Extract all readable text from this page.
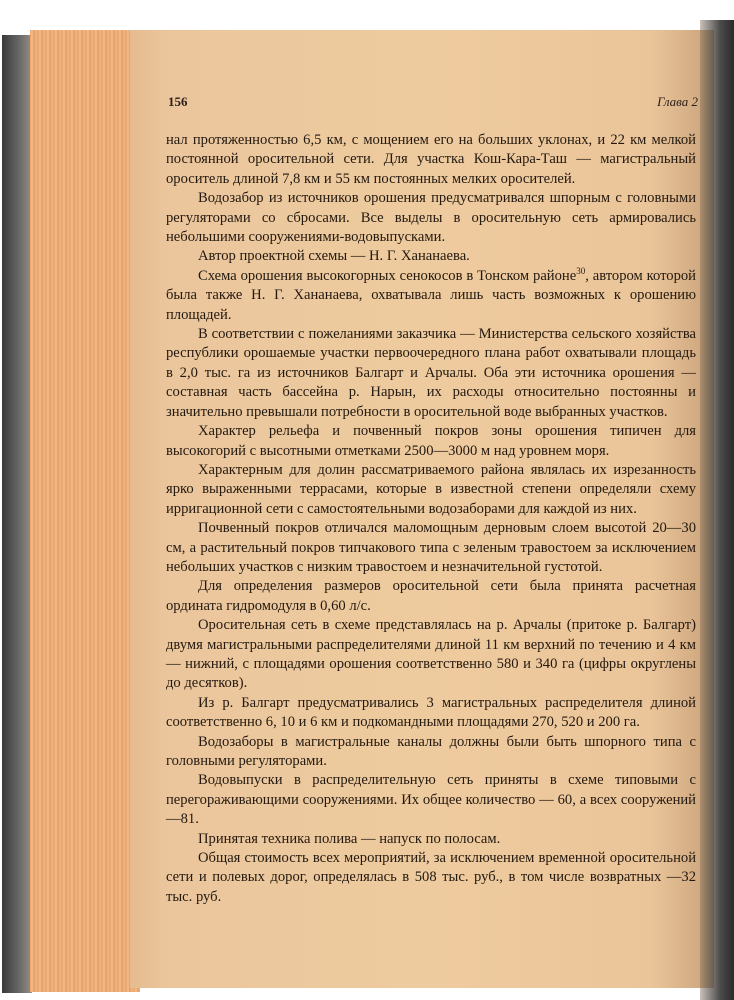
156	Глава 2

нал протяженностью 6,5 км, с мощением его на больших уклонах, и 22 км мелкой постоянной оросительной сети. Для участка Кош-Кара-Таш — магистральный ороситель длиной 7,8 км и 55 км постоянных мелких оросителей.

Водозабор из источников орошения предусматривался шпорным с головными регуляторами со сбросами. Все выделы в оросительную сеть армировались небольшими сооружениями-водовыпусками.

Автор проектной схемы — Н. Г. Хананаева.

Схема орошения высокогорных сенокосов в Тонском районе$^{30}$, автором которой была также Н. Г. Хананаева, охватывала лишь часть возможных к орошению площадей.

В соответствии с пожеланиями заказчика — Министерства сельского хозяйства республики орошаемые участки первоочередного плана работ охватывали площадь в 2,0 тыс. га из источников Балгарт и Арчалы. Оба эти источника орошения — составная часть бассейна р. Нарын, их расходы относительно постоянны и значительно превышали потребности в оросительной воде выбранных участков.

Характер рельефа и почвенный покров зоны орошения типичен для высокогорий с высотными отметками 2500—3000 м над уровнем моря.

Характерным для долин рассматриваемого района являлась их изрезанность ярко выраженными террасами, которые в известной степени определяли схему ирригационной сети с самостоятельными водозаборами для каждой из них.

Почвенный покров отличался маломощным дерновым слоем высотой 20—30 см, а растительный покров типчакового типа с зеленым травостоем за исключением небольших участков с низким травостоем и незначительной густотой.

Для определения размеров оросительной сети была принята расчетная ордината гидромодуля в 0,60 л/с.

Оросительная сеть в схеме представлялась на р. Арчалы (притоке р. Балгарт) двумя магистральными распределителями длиной 11 км верхний по течению и 4 км — нижний, с площадями орошения соответственно 580 и 340 га (цифры округлены до десятков).

Из р. Балгарт предусматривались 3 магистральных распределителя длиной соответственно 6, 10 и 6 км и подкомандными площадями 270, 520 и 200 га.

Водозаборы в магистральные каналы должны были быть шпорного типа с головными регуляторами.

Водовыпуски в распределительную сеть приняты в схеме типовыми с перегораживающими сооружениями. Их общее количество — 60, а всех сооружений —81.

Принятая техника полива — напуск по полосам.

Общая стоимость всех мероприятий, за исключением временной оросительной сети и полевых дорог, определялась в 508 тыс. руб., в том числе возвратных —32 тыс. руб.
